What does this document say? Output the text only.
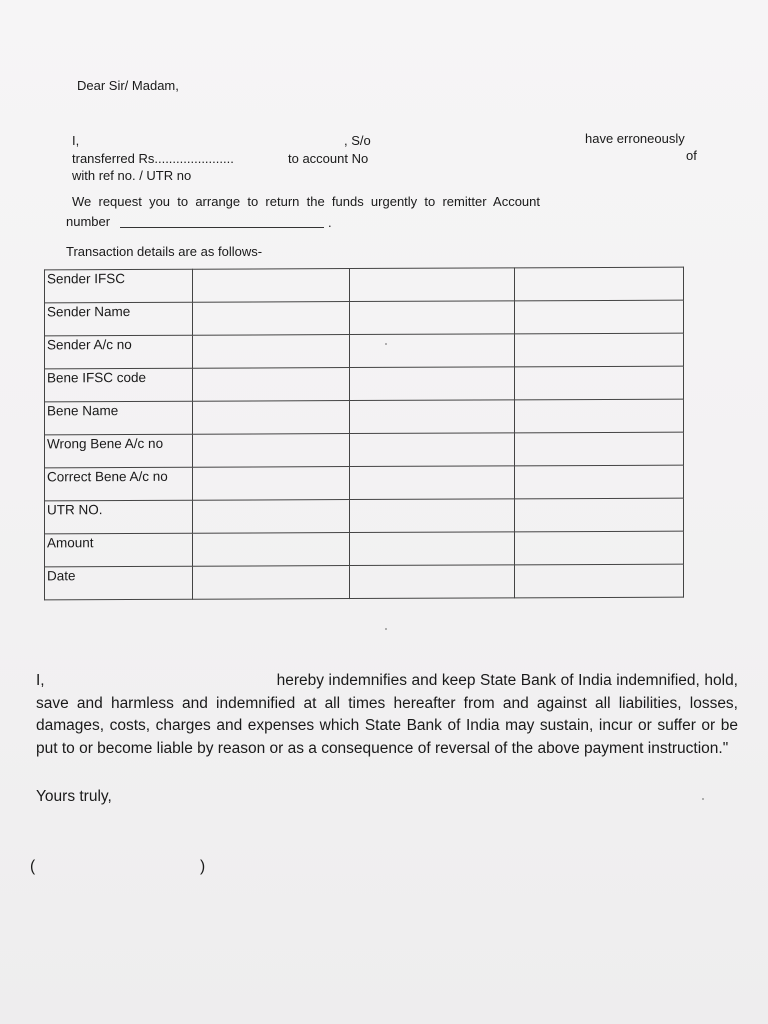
Dear Sir/ Madam,
I,	, S/o	have erroneously
transferred Rs......................	to account No	of
with ref no. / UTR no
We  request  you  to  arrange  to  return  the  funds  urgently  to  remitter  Account
number	.
Transaction details are as follows-
Sender IFSC			
Sender Name			
Sender A/c no			
Bene IFSC code			
Bene Name			
Wrong Bene A/c no			
Correct Bene A/c no			
UTR NO.			
Amount			
Date			
I,	hereby indemnifies and keep State Bank of India indemnified, hold, save and harmless and indemnified at all times hereafter from and against all liabilities, losses, damages, costs, charges and expenses which State Bank of India may sustain, incur or suffer or be put to or become liable by reason or as a consequence of reversal of the above payment instruction."
Yours truly,
(	)
